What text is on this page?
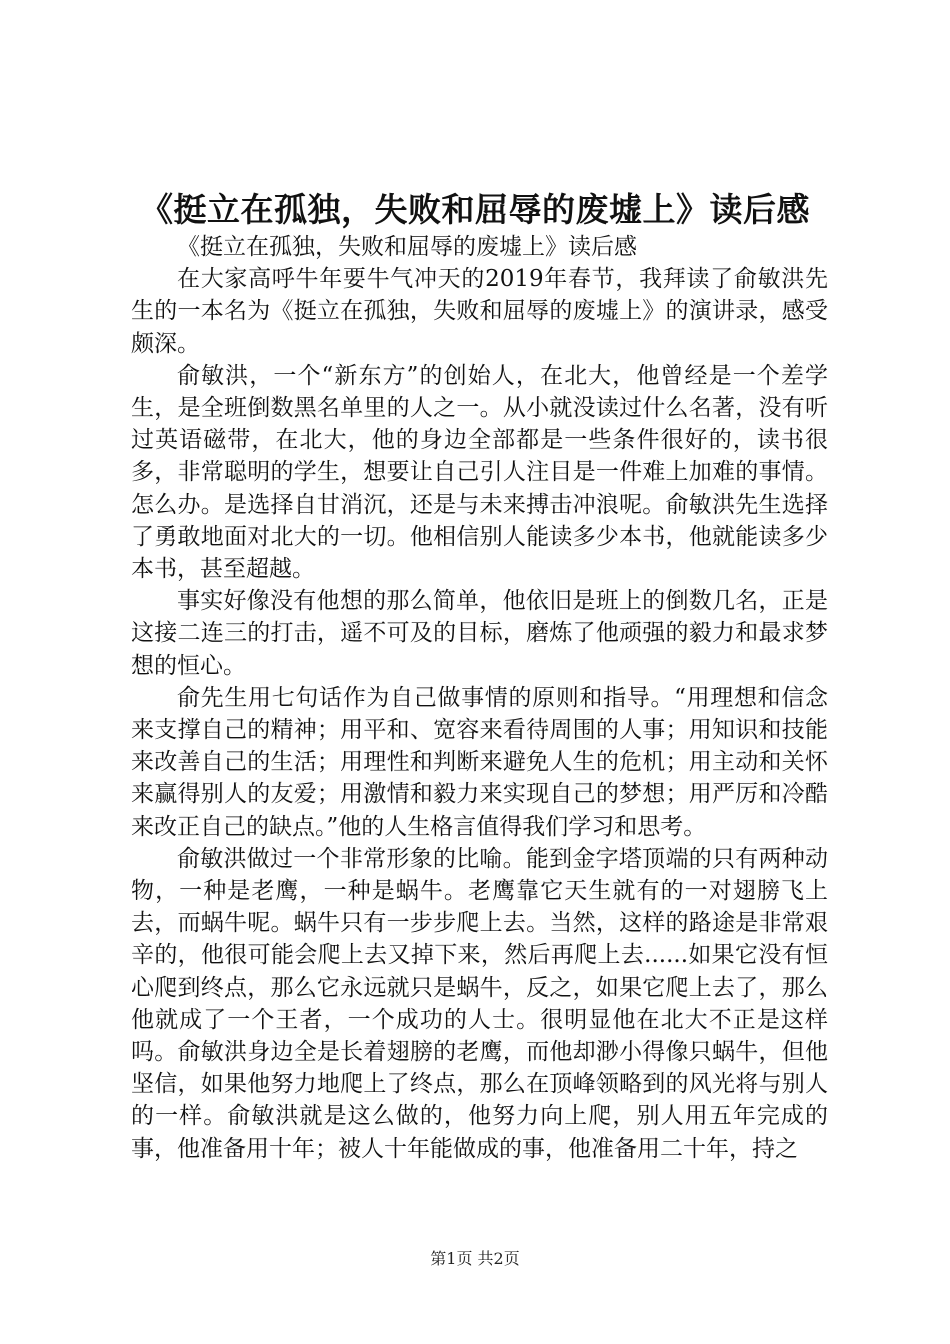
《挺立在孤独，失败和屈辱的废墟上》读后感

《挺立在孤独，失败和屈辱的废墟上》读后感

在大家高呼牛年要牛气冲天的2019年春节，我拜读了俞敏洪先生的一本名为《挺立在孤独，失败和屈辱的废墟上》的演讲录，感受颇深。

俞敏洪，一个“新东方”的创始人，在北大，他曾经是一个差学生，是全班倒数黑名单里的人之一。从小就没读过什么名著，没有听过英语磁带，在北大，他的身边全部都是一些条件很好的，读书很多，非常聪明的学生，想要让自己引人注目是一件难上加难的事情。怎么办。是选择自甘消沉，还是与未来搏击冲浪呢。俞敏洪先生选择了勇敢地面对北大的一切。他相信别人能读多少本书，他就能读多少本书，甚至超越。

事实好像没有他想的那么简单，他依旧是班上的倒数几名，正是这接二连三的打击，遥不可及的目标，磨炼了他顽强的毅力和最求梦想的恒心。

俞先生用七句话作为自己做事情的原则和指导。“用理想和信念来支撑自己的精神；用平和、宽容来看待周围的人事；用知识和技能来改善自己的生活；用理性和判断来避免人生的危机；用主动和关怀来赢得别人的友爱；用激情和毅力来实现自己的梦想；用严厉和冷酷来改正自己的缺点。”他的人生格言值得我们学习和思考。

俞敏洪做过一个非常形象的比喻。能到金字塔顶端的只有两种动物，一种是老鹰，一种是蜗牛。老鹰靠它天生就有的一对翅膀飞上去，而蜗牛呢。蜗牛只有一步步爬上去。当然，这样的路途是非常艰辛的，他很可能会爬上去又掉下来，然后再爬上去......如果它没有恒心爬到终点，那么它永远就只是蜗牛，反之，如果它爬上去了，那么他就成了一个王者，一个成功的人士。很明显他在北大不正是这样吗。俞敏洪身边全是长着翅膀的老鹰，而他却渺小得像只蜗牛，但他坚信，如果他努力地爬上了终点，那么在顶峰领略到的风光将与别人的一样。俞敏洪就是这么做的，他努力向上爬，别人用五年完成的事，他准备用十年；被人十年能做成的事，他准备用二十年，持之

第1页 共2页
